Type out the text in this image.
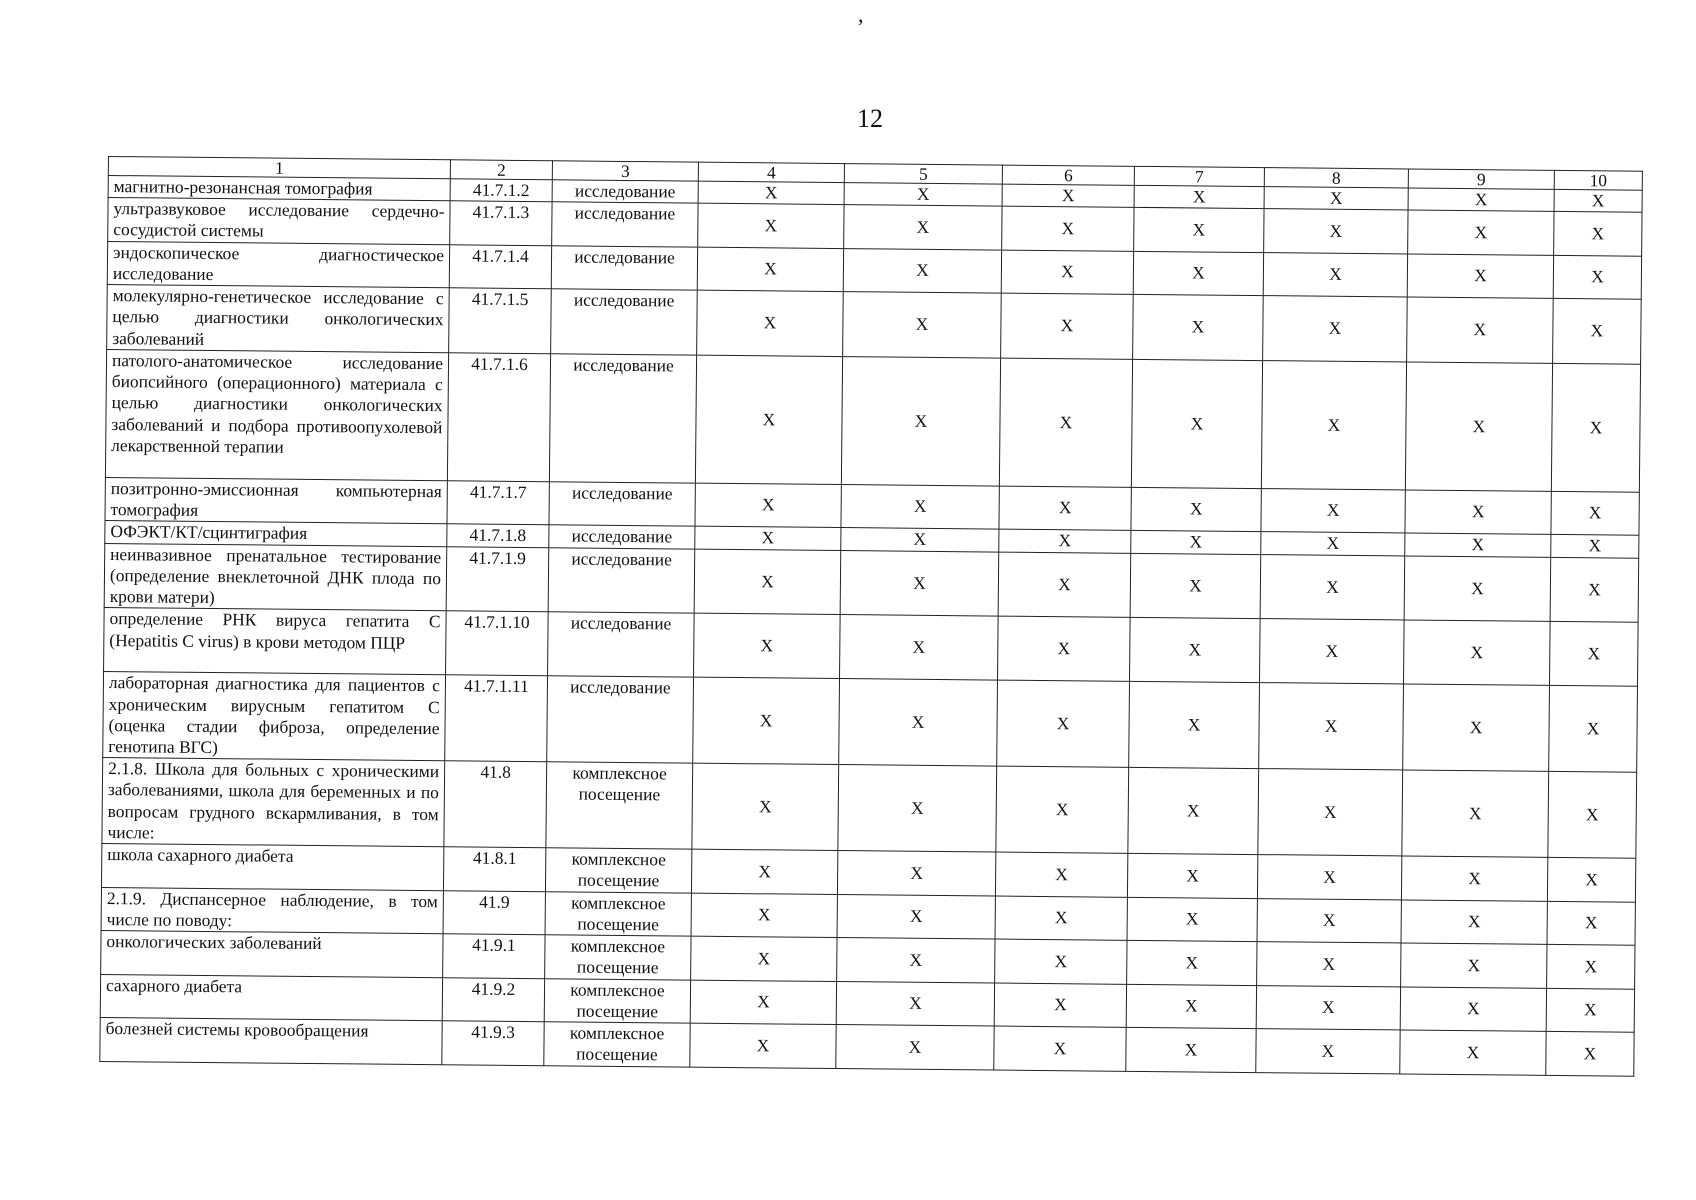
,
12
1	2	3	4	5	6	7	8	9	10
магнитно-резонансная томография	41.7.1.2	исследование	Х	Х	Х	Х	Х	Х	Х
ультразвуковое исследование сердечно-сосудистой системы	41.7.1.3	исследование	Х	Х	Х	Х	Х	Х	Х
эндоскопическое диагностическое исследование	41.7.1.4	исследование	Х	Х	Х	Х	Х	Х	Х
молекулярно-генетическое исследование с целью диагностики онкологических заболеваний	41.7.1.5	исследование	Х	Х	Х	Х	Х	Х	Х
патолого-анатомическое исследование биопсийного (операционного) материала с целью диагностики онкологических заболеваний и подбора противоопухолевой лекарственной терапии	41.7.1.6	исследование	Х	Х	Х	Х	Х	Х	Х
позитронно-эмиссионная компьютерная томография	41.7.1.7	исследование	Х	Х	Х	Х	Х	Х	Х
ОФЭКТ/КТ/сцинтиграфия	41.7.1.8	исследование	Х	Х	Х	Х	Х	Х	Х
неинвазивное пренатальное тестирование (определение внеклеточной ДНК плода по крови матери)	41.7.1.9	исследование	Х	Х	Х	Х	Х	Х	Х
определение РНК вируса гепатита С (Hepatitis C virus) в крови методом ПЦР	41.7.1.10	исследование	Х	Х	Х	Х	Х	Х	Х
лабораторная диагностика для пациентов с хроническим вирусным гепатитом С (оценка стадии фиброза, определение генотипа ВГС)	41.7.1.11	исследование	Х	Х	Х	Х	Х	Х	Х
2.1.8. Школа для больных с хроническими заболеваниями, школа для беременных и по вопросам грудного вскармливания, в том числе:	41.8	комплексное посещение	Х	Х	Х	Х	Х	Х	Х
школа сахарного диабета	41.8.1	комплексное посещение	Х	Х	Х	Х	Х	Х	Х
2.1.9. Диспансерное наблюдение, в том числе по поводу:	41.9	комплексное посещение	Х	Х	Х	Х	Х	Х	Х
онкологических заболеваний	41.9.1	комплексное посещение	Х	Х	Х	Х	Х	Х	Х
сахарного диабета	41.9.2	комплексное посещение	Х	Х	Х	Х	Х	Х	Х
болезней системы кровообращения	41.9.3	комплексное посещение	Х	Х	Х	Х	Х	Х	Х
